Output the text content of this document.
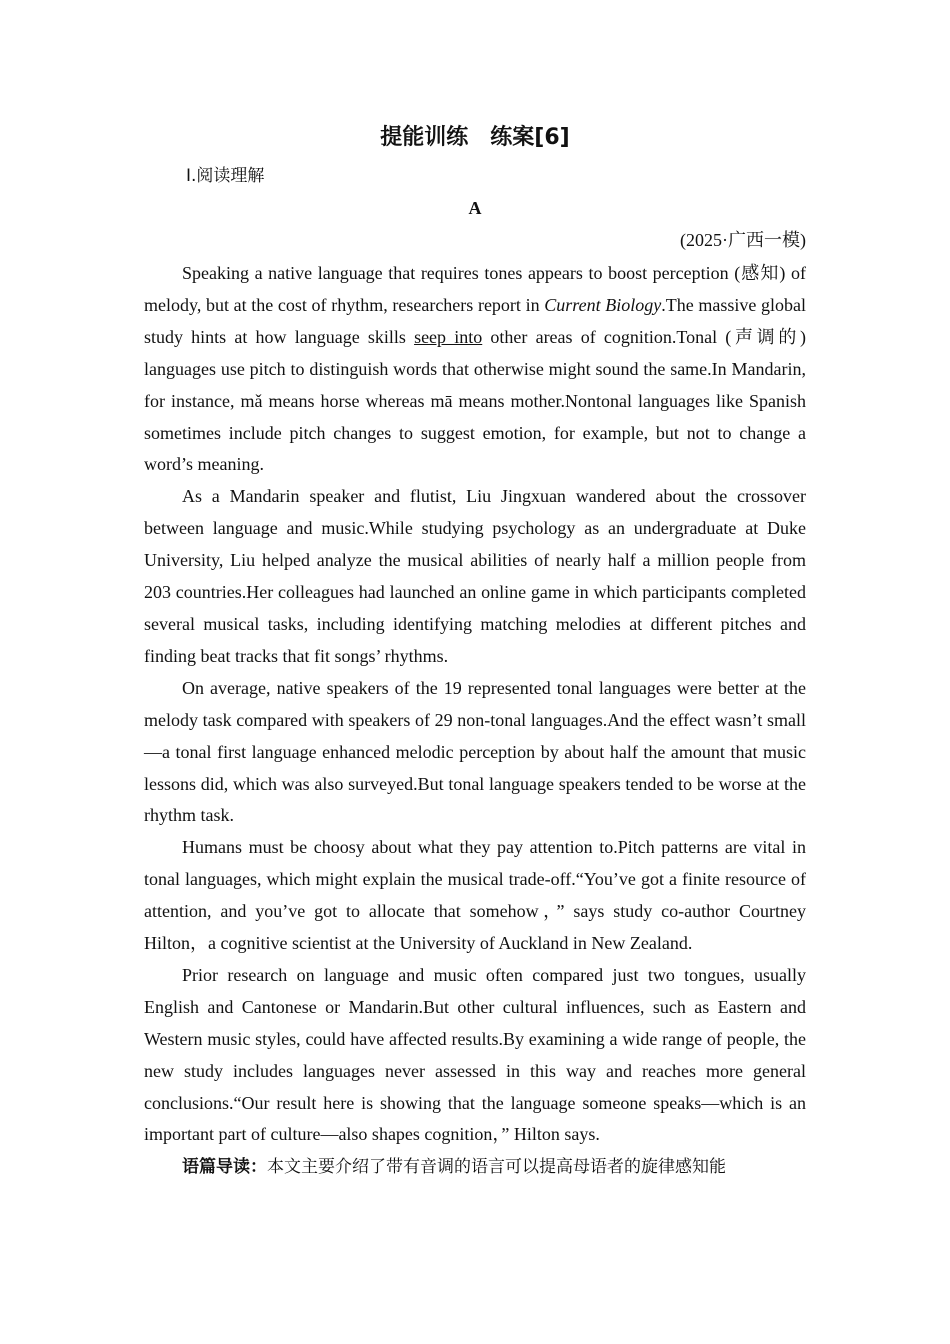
提能训练　练案[6]

Ⅰ.阅读理解

A

(2025·广西一模)

Speaking a native language that requires tones appears to boost perception (感知) of melody, but at the cost of rhythm, researchers report in Current Biology.The massive global study hints at how language skills seep into other areas of cognition.Tonal (声调的) languages use pitch to distinguish words that otherwise might sound the same.In Mandarin, for instance, mǎ means horse whereas mā means mother.Nontonal languages like Spanish sometimes include pitch changes to suggest emotion, for example, but not to change a word’s meaning.

As a Mandarin speaker and flutist, Liu Jingxuan wandered about the crossover between language and music.While studying psychology as an undergraduate at Duke University, Liu helped analyze the musical abilities of nearly half a million people from 203 countries.Her colleagues had launched an online game in which participants completed several musical tasks, including identifying matching melodies at different pitches and finding beat tracks that fit songs’ rhythms.

On average, native speakers of the 19 represented tonal languages were better at the melody task compared with speakers of 29 non-tonal languages.And the effect wasn’t small—a tonal first language enhanced melodic perception by about half the amount that music lessons did, which was also surveyed.But tonal language speakers tended to be worse at the rhythm task.

Humans must be choosy about what they pay attention to.Pitch patterns are vital in tonal languages, which might explain the musical trade-off.“You’ve got a finite resource of attention, and you’ve got to allocate that somehow，” says study co-author Courtney Hilton，a cognitive scientist at the University of Auckland in New Zealand.

Prior research on language and music often compared just two tongues, usually English and Cantonese or Mandarin.But other cultural influences, such as Eastern and Western music styles, could have affected results.By examining a wide range of people, the new study includes languages never assessed in this way and reaches more general conclusions.“Our result here is showing that the language someone speaks—which is an important part of culture—also shapes cognition，” Hilton says.

语篇导读：本文主要介绍了带有音调的语言可以提高母语者的旋律感知能
